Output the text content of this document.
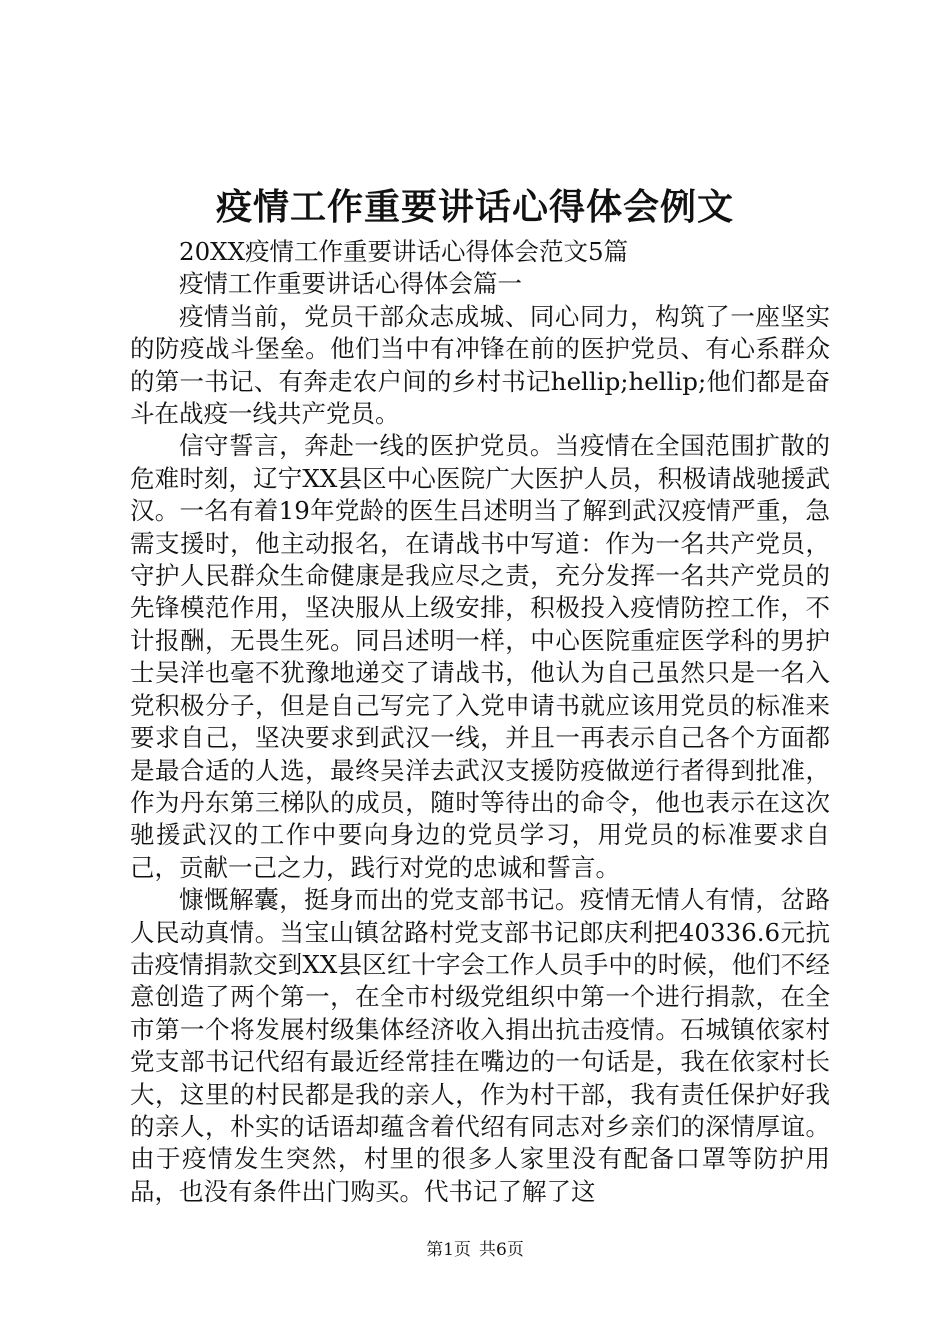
疫情工作重要讲话心得体会例文

20XX疫情工作重要讲话心得体会范文5篇

疫情工作重要讲话心得体会篇一

疫情当前，党员干部众志成城、同心同力，构筑了一座坚实的防疫战斗堡垒。他们当中有冲锋在前的医护党员、有心系群众的第一书记、有奔走农户间的乡村书记hellip;hellip;他们都是奋斗在战疫一线共产党员。

信守誓言，奔赴一线的医护党员。当疫情在全国范围扩散的危难时刻，辽宁XX县区中心医院广大医护人员，积极请战驰援武汉。一名有着19年党龄的医生吕述明当了解到武汉疫情严重，急需支援时，他主动报名，在请战书中写道：作为一名共产党员，守护人民群众生命健康是我应尽之责，充分发挥一名共产党员的先锋模范作用，坚决服从上级安排，积极投入疫情防控工作，不计报酬，无畏生死。同吕述明一样，中心医院重症医学科的男护士吴洋也毫不犹豫地递交了请战书，他认为自己虽然只是一名入党积极分子，但是自己写完了入党申请书就应该用党员的标准来要求自己，坚决要求到武汉一线，并且一再表示自己各个方面都是最合适的人选，最终吴洋去武汉支援防疫做逆行者得到批准，作为丹东第三梯队的成员，随时等待出的命令，他也表示在这次驰援武汉的工作中要向身边的党员学习，用党员的标准要求自己，贡献一己之力，践行对党的忠诚和誓言。

慷慨解囊，挺身而出的党支部书记。疫情无情人有情，岔路人民动真情。当宝山镇岔路村党支部书记郎庆利把40336.6元抗击疫情捐款交到XX县区红十字会工作人员手中的时候，他们不经意创造了两个第一，在全市村级党组织中第一个进行捐款，在全市第一个将发展村级集体经济收入捐出抗击疫情。石城镇依家村党支部书记代绍有最近经常挂在嘴边的一句话是，我在依家村长大，这里的村民都是我的亲人，作为村干部，我有责任保护好我的亲人，朴实的话语却蕴含着代绍有同志对乡亲们的深情厚谊。由于疫情发生突然，村里的很多人家里没有配备口罩等防护用品，也没有条件出门购买。代书记了解了这

第1页 共6页
